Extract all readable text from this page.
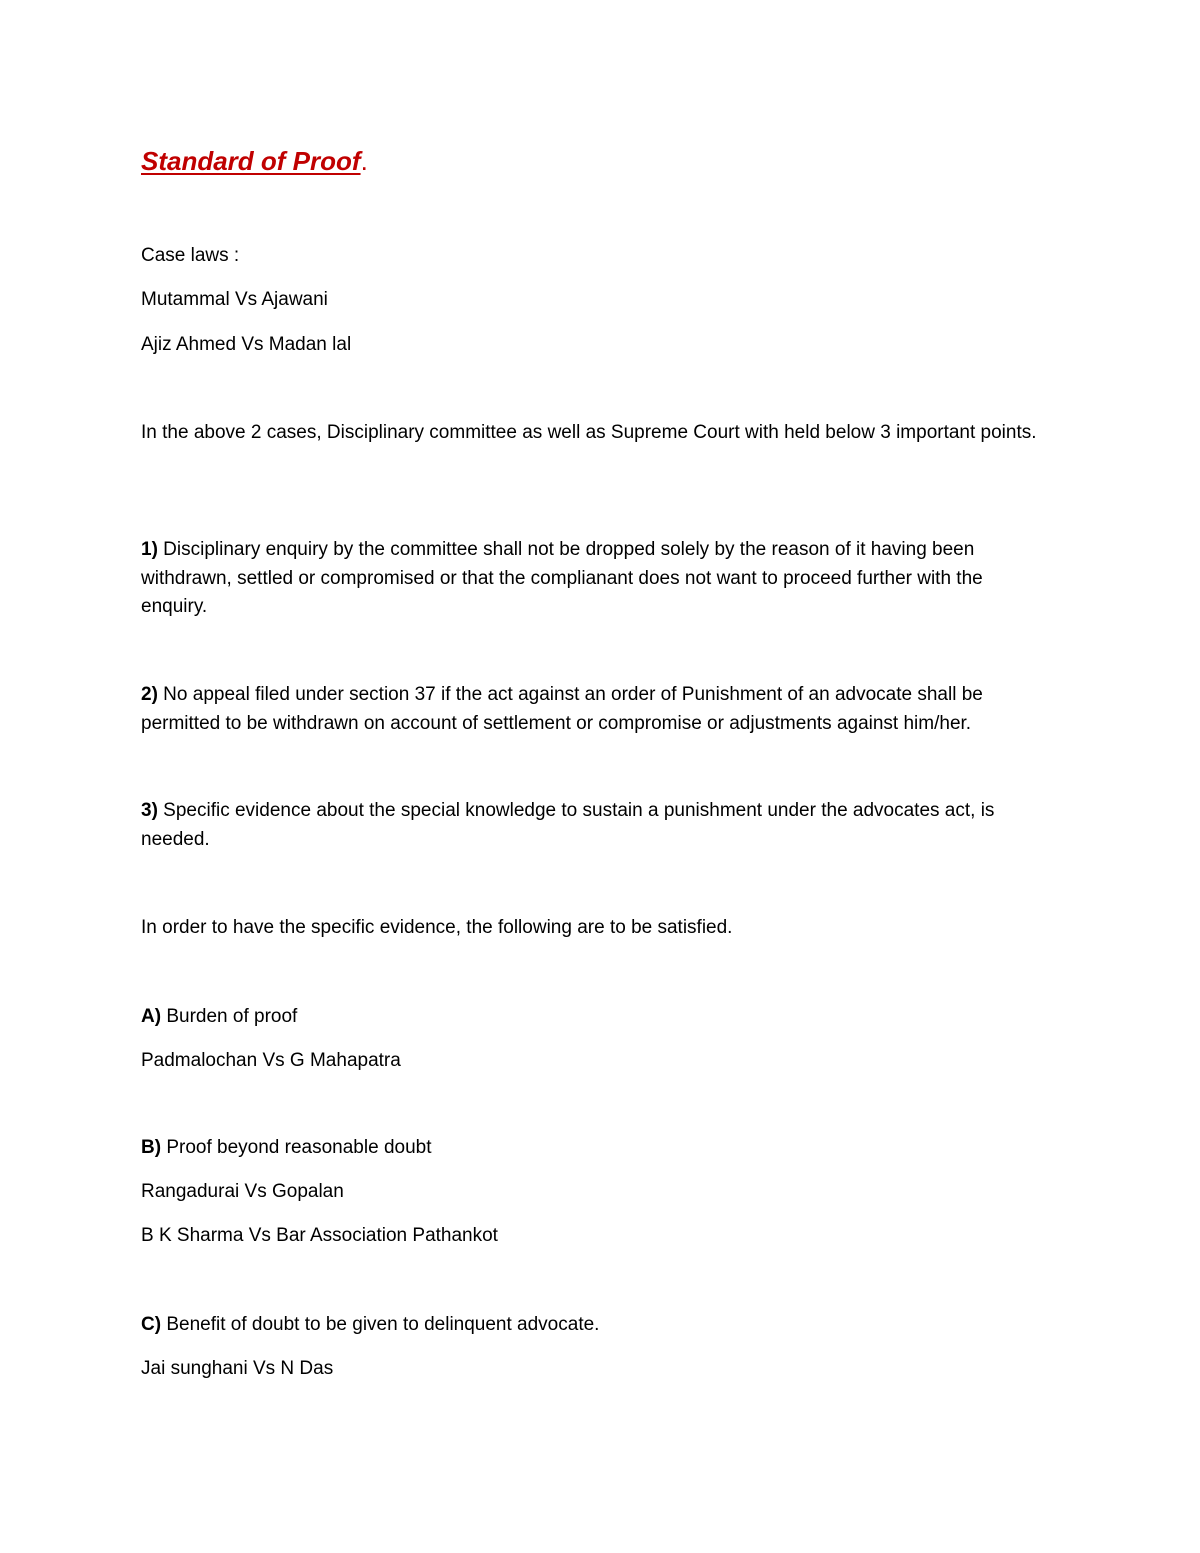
Standard of Proof.
Case laws :
Mutammal Vs Ajawani
Ajiz Ahmed Vs Madan lal
In the above 2 cases, Disciplinary committee as well as Supreme Court with held below 3 important points.
1) Disciplinary enquiry by the committee shall not be dropped solely by the reason of it having been withdrawn, settled or compromised or that the complianant does not want to proceed further with the enquiry.
2) No appeal filed under section 37 if the act against an order of Punishment of an advocate shall be permitted to be withdrawn on account of settlement or compromise or adjustments against him/her.
3) Specific evidence about the special knowledge to sustain a punishment under the advocates act, is needed.
In order to have the specific evidence, the following are to be satisfied.
A) Burden of proof
Padmalochan Vs G Mahapatra
B) Proof beyond reasonable doubt
Rangadurai Vs Gopalan
B K Sharma Vs Bar Association Pathankot
C) Benefit of doubt to be given to delinquent advocate.
Jai sunghani Vs N Das
